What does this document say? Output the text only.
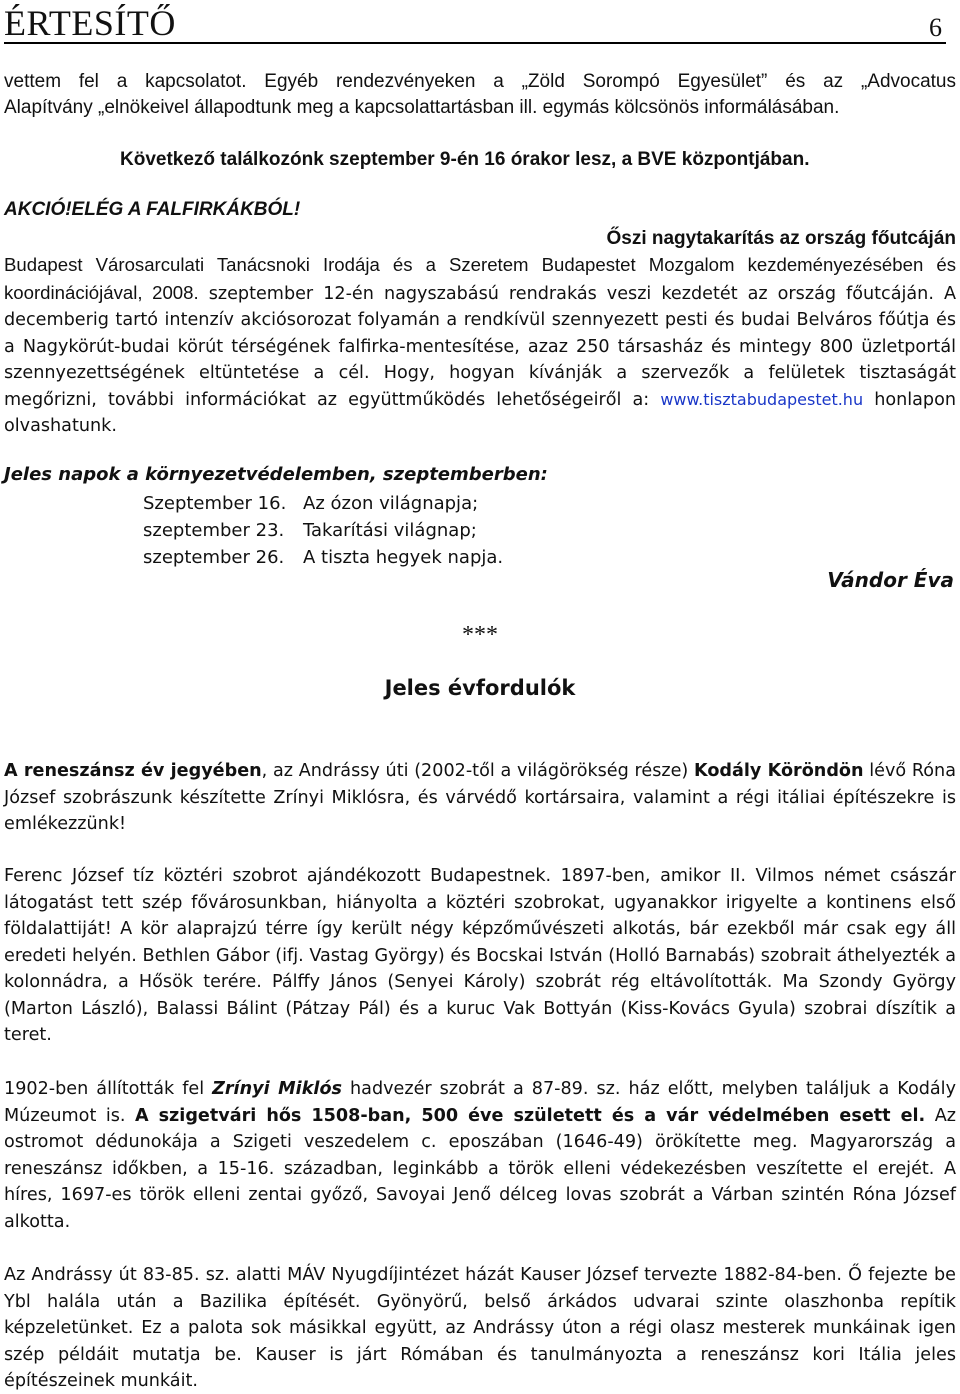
ÉRTESÍTŐ	6
vettem fel a kapcsolatot. Egyéb rendezvényeken a „Zöld Sorompó Egyesület” és az „Advocatus
Alapítvány „elnökeivel állapodtunk meg a kapcsolattartásban ill. egymás kölcsönös informálásában.
Következő találkozónk szeptember 9-én 16 órakor lesz, a BVE központjában.
AKCIÓ!ELÉG A FALFIRKÁKBÓL!
Őszi nagytakarítás az ország főutcáján
Budapest Városarculati Tanácsnoki Irodája és a Szeretem Budapestet Mozgalom kezdeményezésében és koordinációjával, 2008. szeptember 12-én nagyszabású rendrakás veszi kezdetét az ország főutcáján. A decemberig tartó intenzív akciósorozat folyamán a rendkívül szennyezett pesti és budai Belváros főútja és a Nagykörút-budai körút térségének falfirka-mentesítése, azaz 250 társasház és mintegy 800 üzletportál szennyezettségének eltüntetése a cél. Hogy, hogyan kívánják a szervezők a felületek tisztaságát megőrizni, további információkat az együttműködés lehetőségeiről a: www.tisztabudapestet.hu honlapon olvashatunk.
Jeles napok a környezetvédelemben, szeptemberben:
Szeptember 16. Az ózon világnapja;
szeptember 23.	Takarítási világnap;
szeptember 26.	A tiszta hegyek napja.
Vándor Éva
***
Jeles évfordulók
A reneszánsz év jegyében, az Andrássy úti (2002-től a világörökség része) Kodály Köröndön lévő Róna József szobrászunk készítette Zrínyi Miklósra, és várvédő kortársaira, valamint a régi itáliai építészekre is emlékezzünk!
Ferenc József tíz köztéri szobrot ajándékozott Budapestnek. 1897-ben, amikor II. Vilmos német császár látogatást tett szép fővárosunkban, hiányolta a köztéri szobrokat, ugyanakkor irigyelte a kontinens első földalattiját! A kör alaprajzú térre így került négy képzőművészeti alkotás, bár ezekből már csak egy áll eredeti helyén. Bethlen Gábor (ifj. Vastag György) és Bocskai István (Holló Barnabás) szobrait áthelyezték a kolonnádra, a Hősök terére. Pálffy János (Senyei Károly) szobrát rég eltávolították. Ma Szondy György (Marton László), Balassi Bálint (Pátzay Pál) és a kuruc Vak Bottyán (Kiss-Kovács Gyula) szobrai díszítik a teret.
1902-ben állították fel Zrínyi Miklós hadvezér szobrát a 87-89. sz. ház előtt, melyben találjuk a Kodály Múzeumot is. A szigetvári hős 1508-ban, 500 éve született és a vár védelmében esett el. Az ostromot dédunokája a Szigeti veszedelem c. eposzában (1646-49) örökítette meg. Magyarország a reneszánsz időkben, a 15-16. században, leginkább a török elleni védekezésben veszítette el erejét. A híres, 1697-es török elleni zentai győző, Savoyai Jenő délceg lovas szobrát a Várban szintén Róna József alkotta.
Az Andrássy út 83-85. sz. alatti MÁV Nyugdíjintézet házát Kauser József tervezte 1882-84-ben. Ő fejezte be Ybl halála után a Bazilika építését. Gyönyörű, belső árkádos udvarai szinte olaszhonba repítik képzeletünket. Ez a palota sok másikkal együtt, az Andrássy úton a régi olasz mesterek munkáinak igen szép példáit mutatja be. Kauser is járt Rómában és tanulmányozta a reneszánsz kori Itália jeles építészeinek munkáit.
